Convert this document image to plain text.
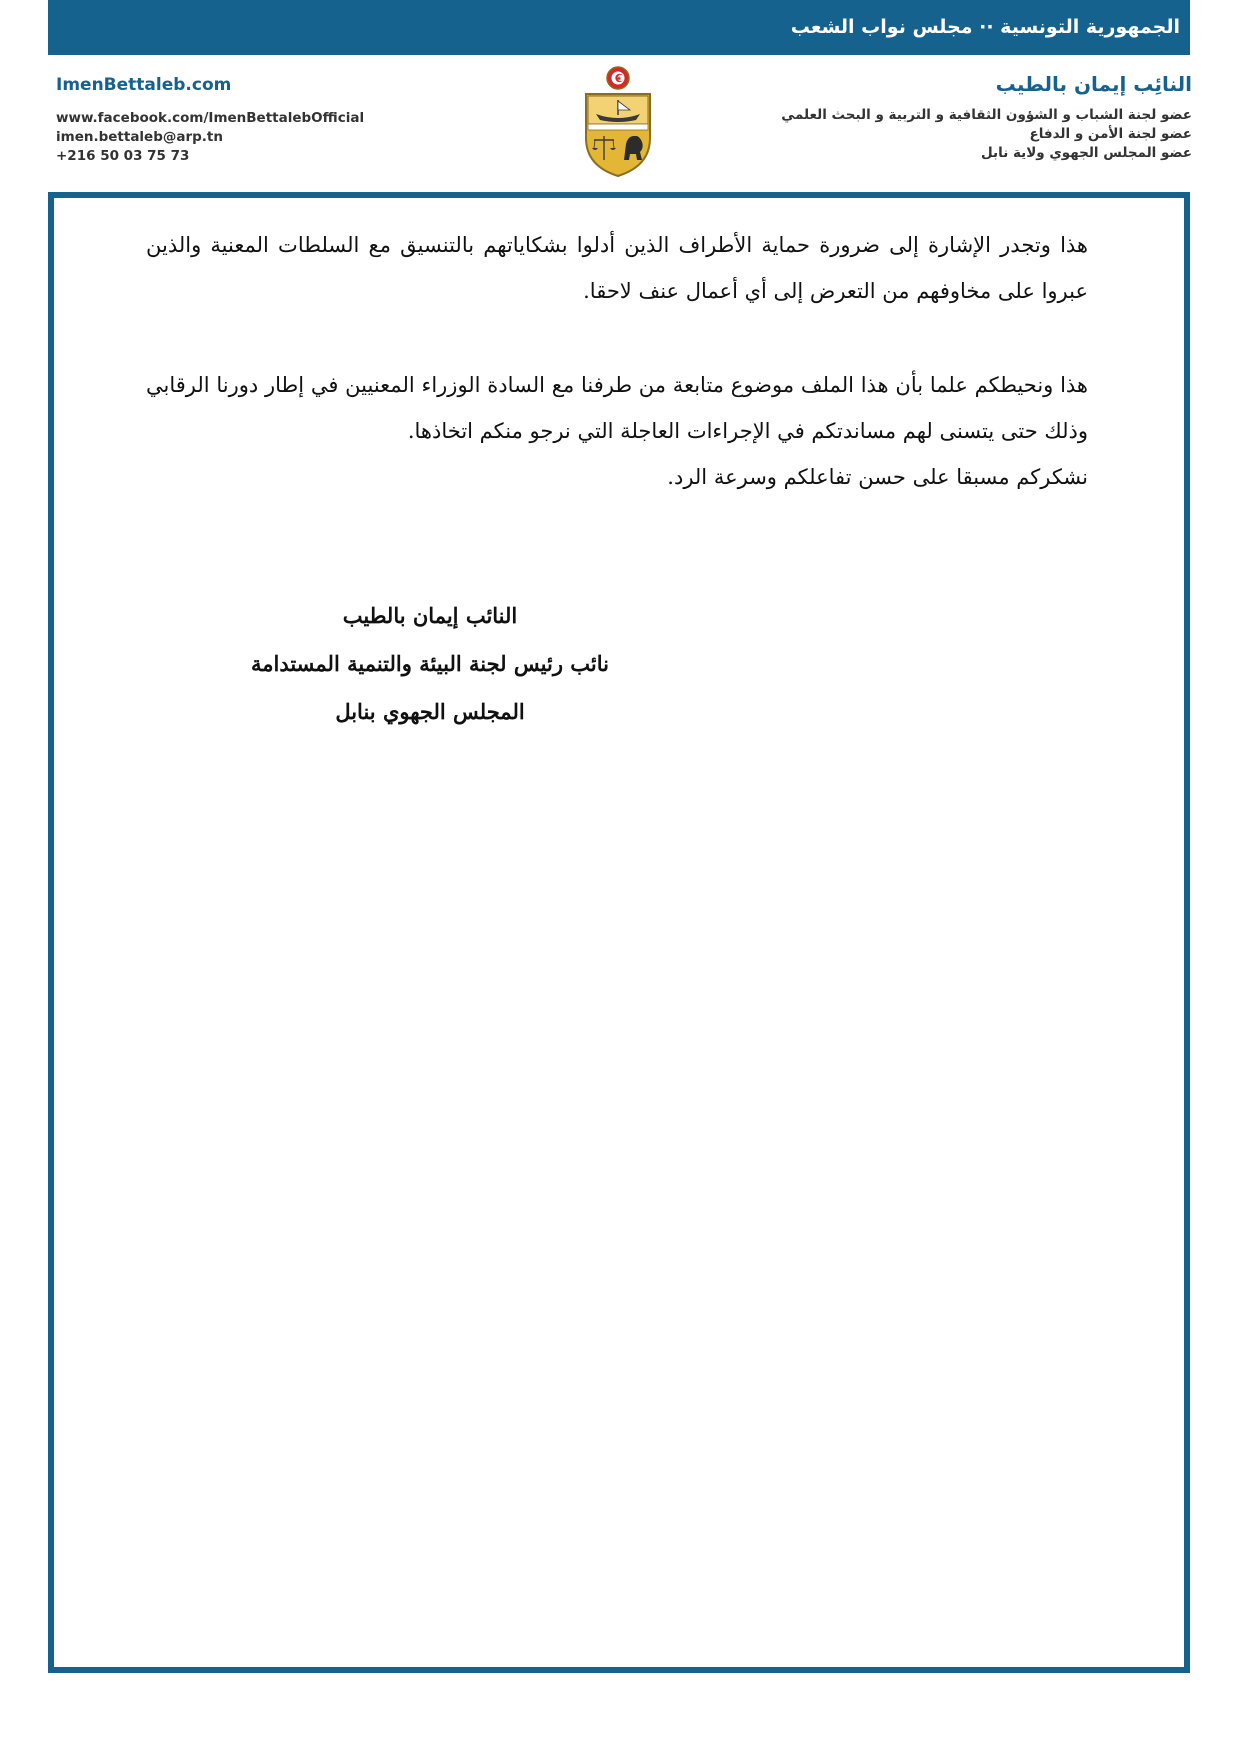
الجمهورية التونسية ·· مجلس نواب الشعب
النائِب إيمان بالطيب
عضو لجنة الشباب و الشؤون الثقافية و التربية و البحث العلمي
عضو لجنة الأمن و الدفاع
عضو المجلس الجهوي ولاية نابل
ImenBettaleb.com
www.facebook.com/ImenBettalebOfficial
imen.bettaleb@arp.tn
+216 50 03 75 73
هذا وتجدر الإشارة إلى ضرورة حماية الأطراف الذين أدلوا بشكاياتهم بالتنسيق مع السلطات المعنية والذين عبروا على مخاوفهم من التعرض إلى أي أعمال عنف لاحقا.
هذا ونحيطكم علما بأن هذا الملف موضوع متابعة من طرفنا مع السادة الوزراء المعنيين في إطار دورنا الرقابي وذلك حتى يتسنى لهم مساندتكم في الإجراءات العاجلة التي نرجو منكم اتخاذها.
نشكركم مسبقا على حسن تفاعلكم وسرعة الرد.
النائب إيمان بالطيب
نائب رئيس لجنة البيئة والتنمية المستدامة
المجلس الجهوي بنابل
